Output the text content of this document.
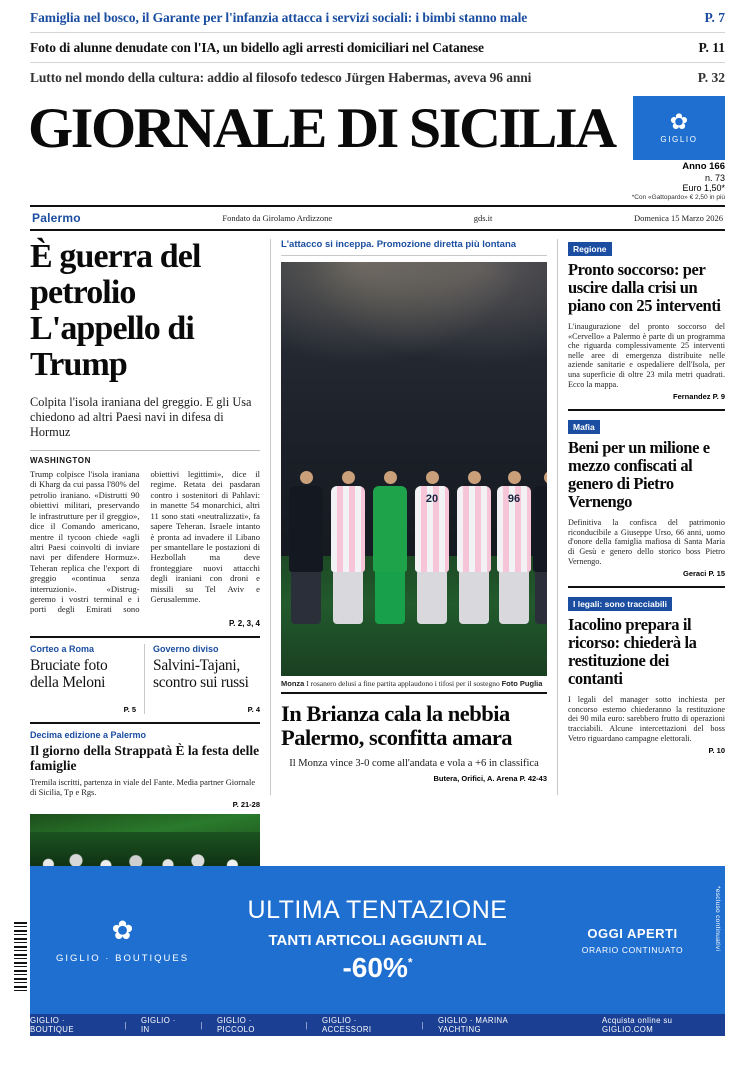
Famiglia nel bosco, il Garante per l'infanzia attacca i servizi sociali: i bimbi stanno male	P. 7
Foto di alunne denudate con l'IA, un bidello agli arresti domiciliari nel Catanese	P. 11
Lutto nel mondo della cultura: addio al filosofo tedesco Jürgen Habermas, aveva 96 anni	P. 32
GIORNALE DI SICILIA	✿
GIGLIO
Anno 166
n. 73
Euro 1,50*
*Con «Gattopardo» € 2,50 in più
Palermo	Fondato da Girolamo Ardizzone	gds.it	Domenica 15 Marzo 2026
È guerra del petrolio L'appello di Trump
Colpita l'isola iraniana del greggio. E gli Usa chiedono ad altri Paesi navi in difesa di Hormuz
WASHINGTON
Trump colpisce l'isola iraniana di Kharg da cui passa l'80% del petrolio iraniano. «Distrutti 90 obiettivi militari, preservando le infrastrutture per il greggio», dice il Comando americano, mentre il tycoon chiede «agli altri Paesi coinvolti di inviare navi per difendere Hormuz». Teheran replica che l'export di greggio «continua senza interruzioni». «Distrug- geremo i vostri terminal e i porti degli Emirati sono obiettivi legittimi», dice il regime. Retata dei pasdaran contro i sostenitori di Pahlavi: in manette 54 monarchici, altri 11 sono stati «neutralizzati», fa sapere Teheran. Israele intanto è pronta ad invadere il Libano per smantellare le postazioni di Hezbollah ma deve fronteggiare nuovi attacchi degli iraniani con droni e missili su Tel Aviv e Gerusalemme.
P. 2, 3, 4
Corteo a Roma
Bruciate foto della Meloni
P. 5
Governo diviso
Salvini-Tajani, scontro sui russi
P. 4
Decima edizione a Palermo
Il giorno della Strappatà È la festa delle famiglie
Tremila iscritti, partenza in viale del Fante. Media partner Giornale di Sicilia, Tp e Rgs.
P. 21-28
L'attacco si inceppa. Promozione diretta più lontana
20	96
Monza I rosanero delusi a fine partita applaudono i tifosi per il sostegno Foto Puglia
In Brianza cala la nebbia Palermo, sconfitta amara
Il Monza vince 3-0 come all'andata e vola a +6 in classifica
Butera, Orifici, A. Arena P. 42-43
Regione
Pronto soccorso: per uscire dalla crisi un piano con 25 interventi
L'inaugurazione del pronto soccorso del «Cervello» a Palermo è parte di un programma che riguarda complessivamente 25 interventi nelle aree di emergenza distribuite nelle aziende sanitarie e ospedaliere dell'Isola, per una superficie di oltre 23 mila metri quadrati. Ecco la mappa.
Fernandez P. 9
Mafia
Beni per un milione e mezzo confiscati al genero di Pietro Vernengo
Definitiva la confisca del patrimonio riconducibile a Giuseppe Urso, 66 anni, uomo d'onore della famiglia mafiosa di Santa Maria di Gesù e genero dello storico boss Pietro Vernengo.
Geraci P. 15
I legali: sono tracciabili
Iacolino prepara il ricorso: chiederà la restituzione dei contanti
I legali del manager sotto inchiesta per concorso esterno chiederanno la restituzione dei 90 mila euro: sarebbero frutto di operazioni tracciabili. Alcune intercettazioni del boss Vetro riguardano campagne elettorali.
P. 10
✿
GIGLIO · BOUTIQUES
ULTIMA TENTAZIONE
TANTI ARTICOLI AGGIUNTI AL
-60%*
OGGI APERTI
ORARIO CONTINUATO	*escluso continuativi
GIGLIO · BOUTIQUE	| GIGLIO · IN	| GIGLIO · PICCOLO	| GIGLIO · ACCESSORI	| GIGLIO · MARINA YACHTING
Acquista online su GIGLIO.COM
